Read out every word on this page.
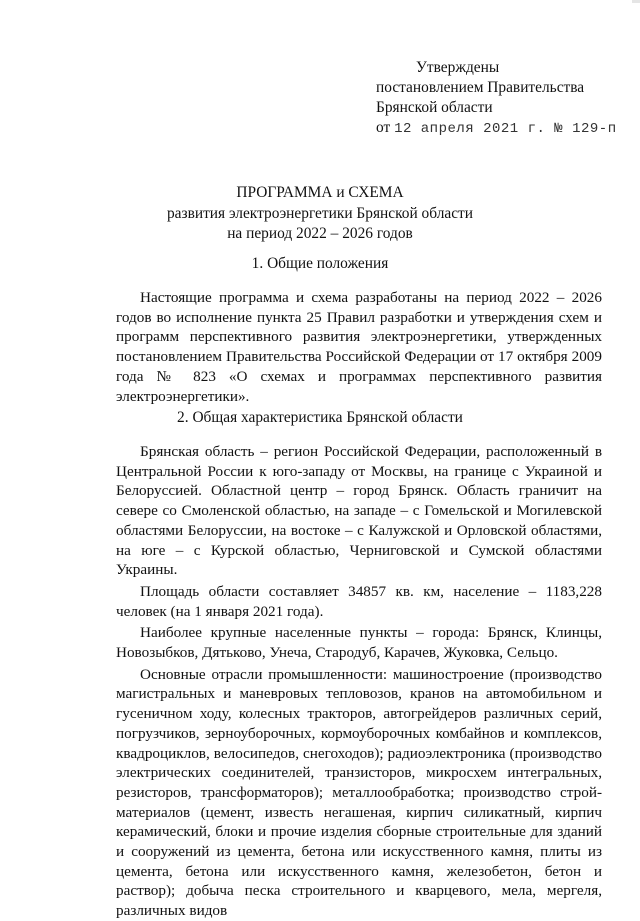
Утверждены
постановлением Правительства
Брянской области
от 12 апреля 2021 г. № 129-п
ПРОГРАММА и СХЕМА
развития электроэнергетики Брянской области
на период 2022 – 2026 годов
1. Общие положения

Настоящие программа и схема разработаны на период 2022 – 2026 годов во исполнение пункта 25 Правил разработки и утверждения схем и программ перспективного развития электроэнергетики, утвержденных постановлением Правительства Российской Федерации от 17 октября 2009 года № 823 «О схемах и программах перспективного развития электроэнергетики».

2. Общая характеристика Брянской области

Брянская область – регион Российской Федерации, расположенный в Центральной России к юго-западу от Москвы, на границе с Украиной и Белоруссией. Областной центр – город Брянск. Область граничит на севере со Смоленской областью, на западе – с Гомельской и Могилевской областями Белоруссии, на востоке – с Калужской и Орловской областями, на юге – с Курской областью, Черниговской и Сумской областями Украины.

Площадь области составляет 34857 кв. км, население – 1183,228 человек (на 1 января 2021 года).

Наиболее крупные населенные пункты – города: Брянск, Клинцы, Новозыбков, Дятьково, Унеча, Стародуб, Карачев, Жуковка, Сельцо.

Основные отрасли промышленности: машиностроение (производство магистральных и маневровых тепловозов, кранов на автомобильном и гусеничном ходу, колесных тракторов, автогрейдеров различных серий, погрузчиков, зерноуборочных, кормоуборочных комбайнов и комплексов, квадроциклов, велосипедов, снегоходов); радиоэлектроника (производство электрических соединителей, транзисторов, микросхем интегральных, резисторов, трансформаторов); металлообработка; производство строй-материалов (цемент, известь негашеная, кирпич силикатный, кирпич керамический, блоки и прочие изделия сборные строительные для зданий и сооружений из цемента, бетона или искусственного камня, плиты из цемента, бетона или искусственного камня, железобетон, бетон и раствор); добыча песка строительного и кварцевого, мела, мергеля, различных видов
